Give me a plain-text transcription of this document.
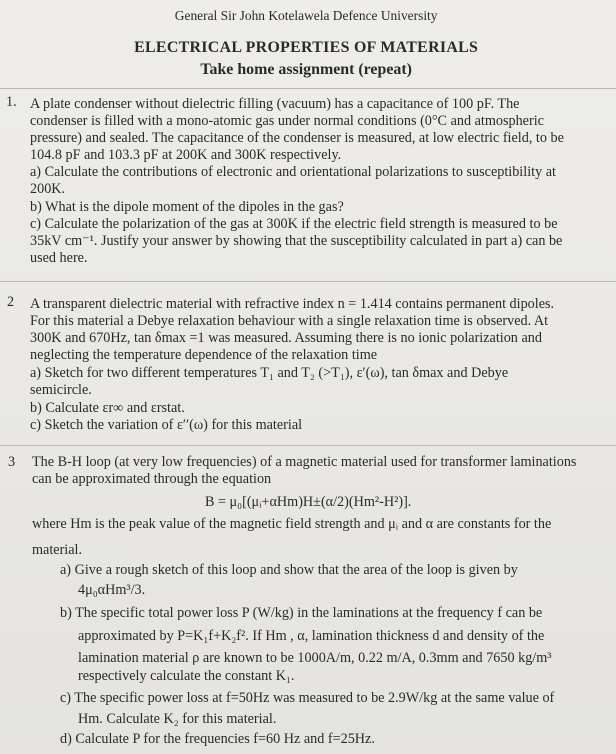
General Sir John Kotelawela Defence University
ELECTRICAL PROPERTIES OF MATERIALS
Take home assignment (repeat)
1. A plate condenser without dielectric filling (vacuum) has a capacitance of 100 pF. The
condenser is filled with a mono-atomic gas under normal conditions (0°C and atmospheric
pressure) and sealed. The capacitance of the condenser is measured, at low electric field, to be
104.8 pF and 103.3 pF at 200K and 300K respectively.
a) Calculate the contributions of electronic and orientational polarizations to susceptibility at
200K.
b) What is the dipole moment of the dipoles in the gas?
c) Calculate the polarization of the gas at 300K if the electric field strength is measured to be
35kV cm⁻¹. Justify your answer by showing that the susceptibility calculated in part a) can be
used here.
2 A transparent dielectric material with refractive index n = 1.414 contains permanent dipoles.
For this material a Debye relaxation behaviour with a single relaxation time is observed. At
300K and 670Hz, tan δmax =1 was measured. Assuming there is no ionic polarization and
neglecting the temperature dependence of the relaxation time
a) Sketch for two different temperatures T₁ and T₂ (>T₁), ε′(ω), tan δmax and Debye
semicircle.
b) Calculate εr∞ and εrstat.
c) Sketch the variation of ε′′(ω) for this material
3 The B-H loop (at very low frequencies) of a magnetic material used for transformer laminations
can be approximated through the equation
B = μ₀[(μᵢ+αHm)H±(α/2)(Hm²-H²)].
where Hm is the peak value of the magnetic field strength and μᵢ and α are constants for the
material.
a) Give a rough sketch of this loop and show that the area of the loop is given by
4μ₀αHm³/3.
b) The specific total power loss P (W/kg) in the laminations at the frequency f can be
approximated by P=K₁f+K₂f². If Hm , α, lamination thickness d and density of the
lamination material ρ are known to be 1000A/m, 0.22 m/A, 0.3mm and 7650 kg/m³
respectively calculate the constant K₁.
c) The specific power loss at f=50Hz was measured to be 2.9W/kg at the same value of
Hm. Calculate K₂ for this material.
d) Calculate P for the frequencies f=60 Hz and f=25Hz.
